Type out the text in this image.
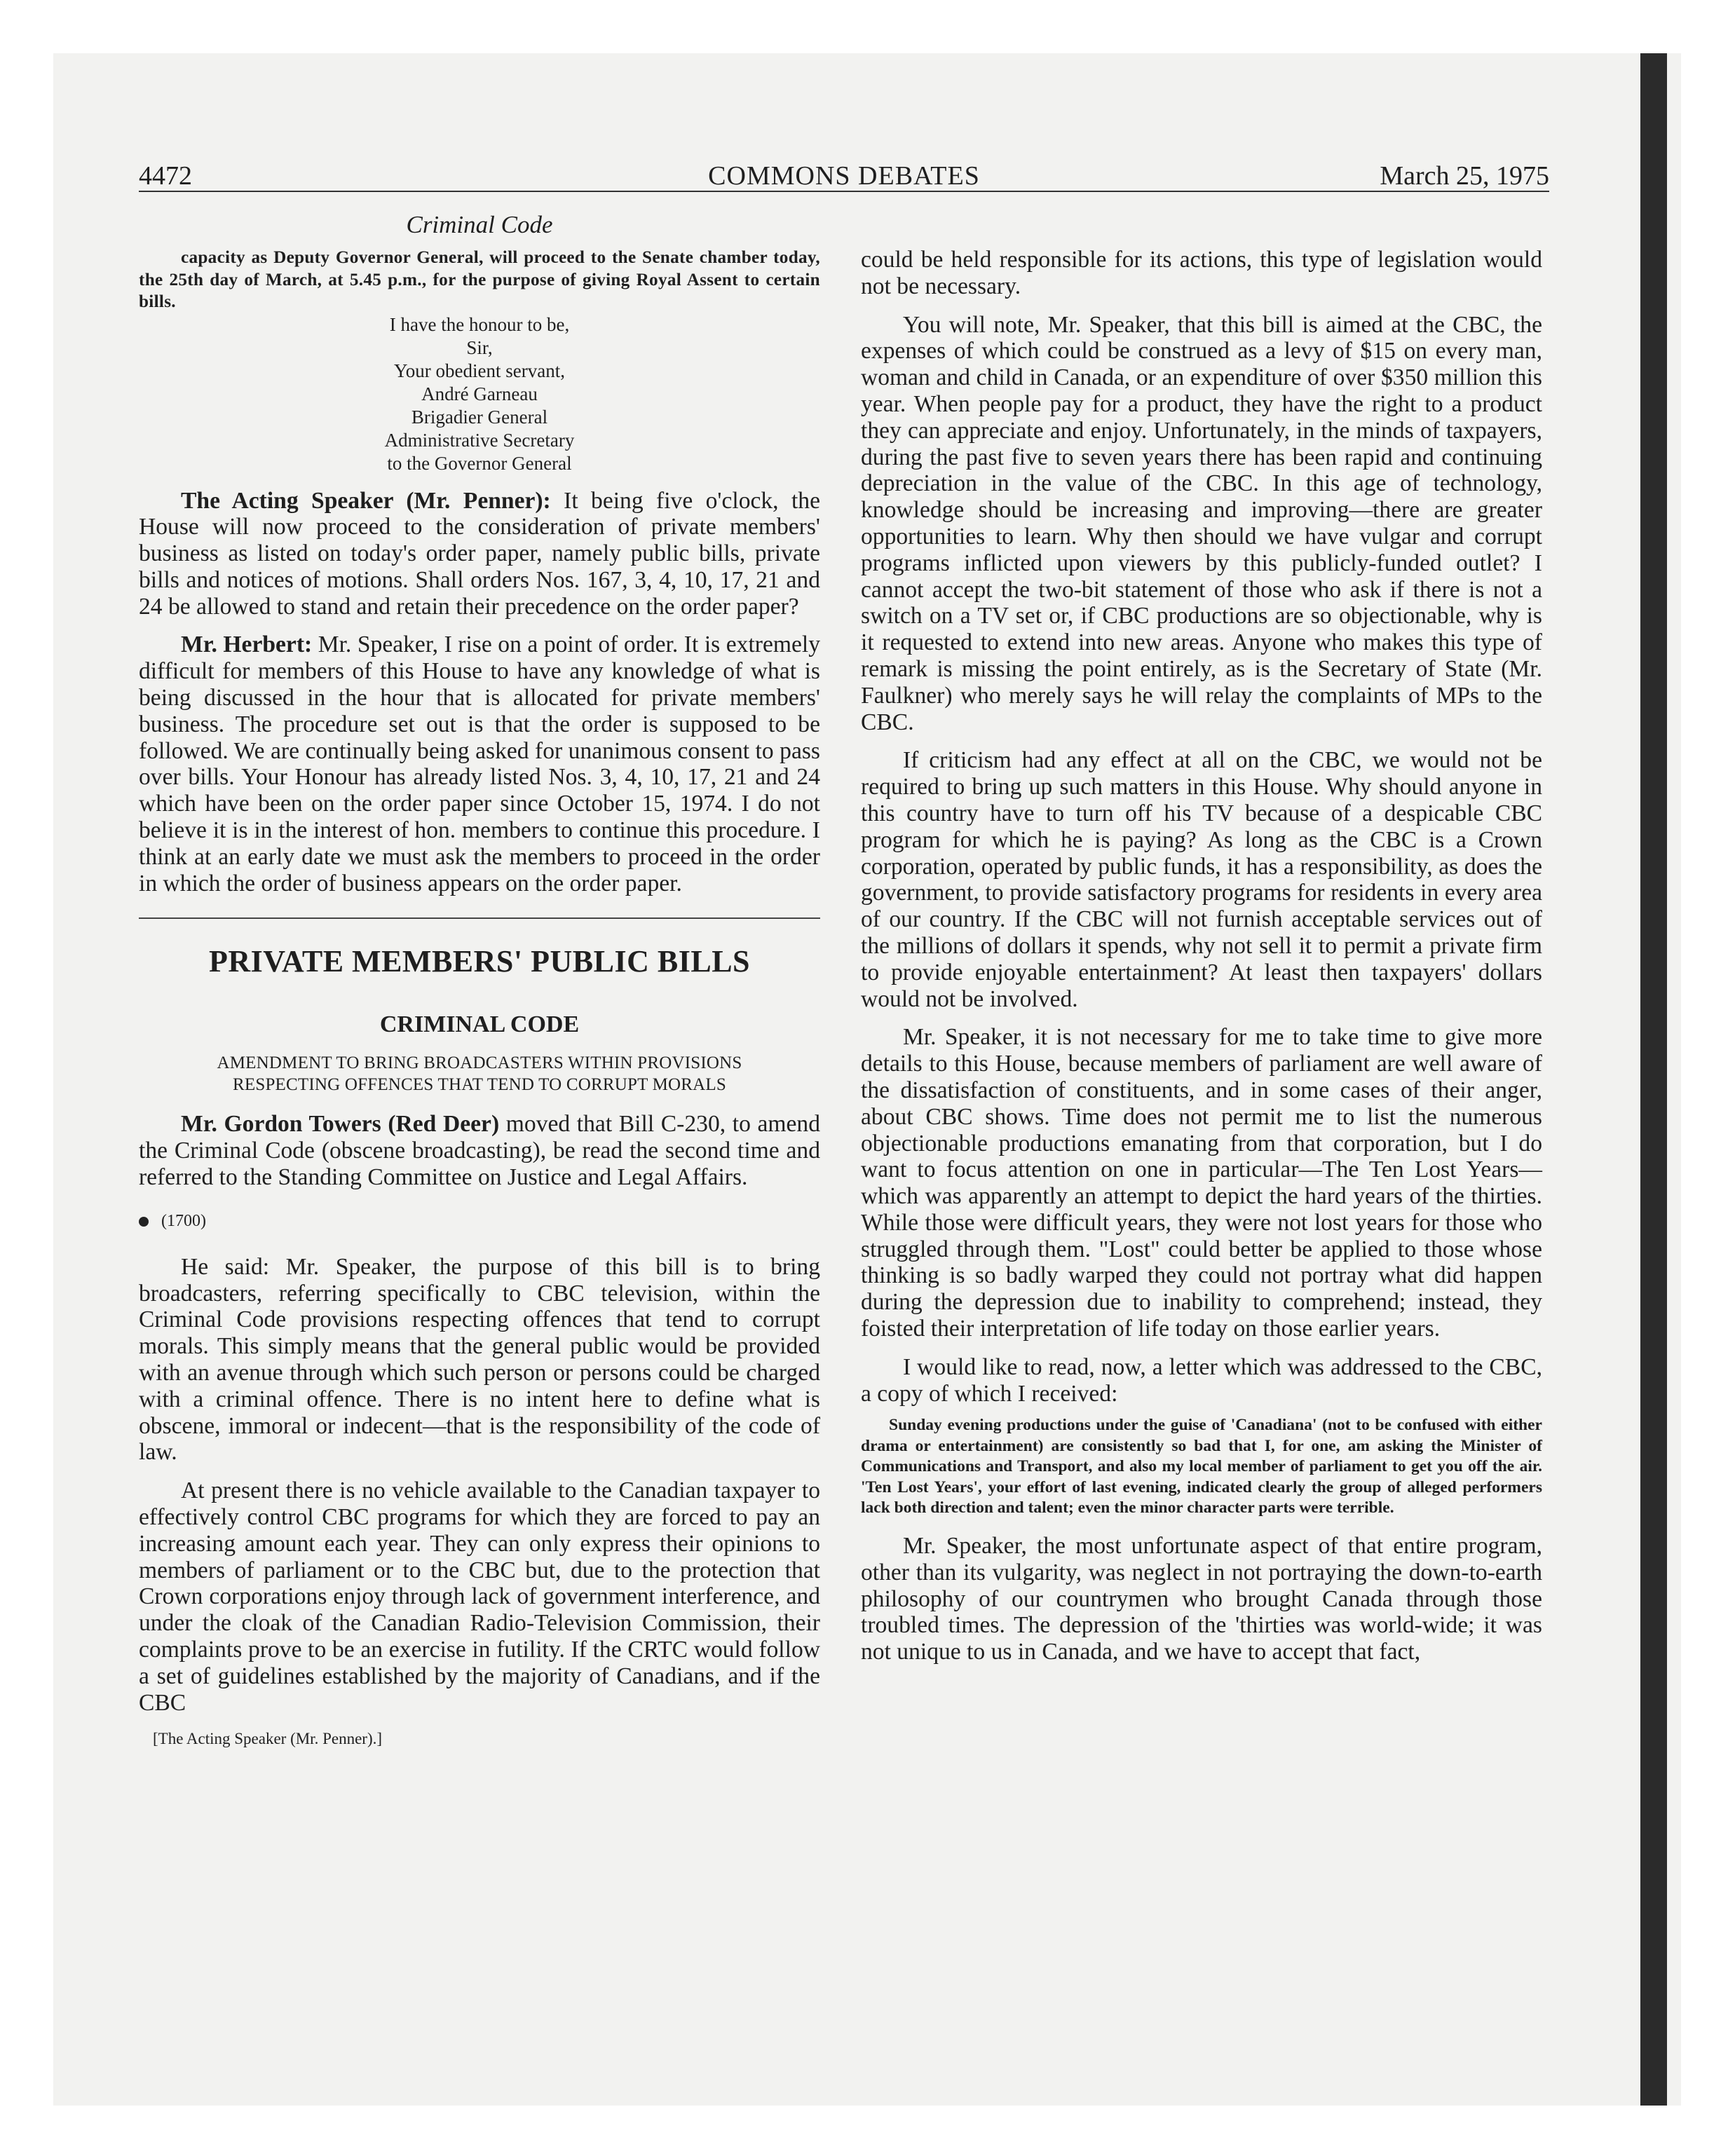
4472	COMMONS DEBATES	March 25, 1975
Criminal Code

capacity as Deputy Governor General, will proceed to the Senate chamber today, the 25th day of March, at 5.45 p.m., for the purpose of giving Royal Assent to certain bills.

I have the honour to be,
Sir,
Your obedient servant,
André Garneau
Brigadier General
Administrative Secretary
to the Governor General

The Acting Speaker (Mr. Penner): It being five o'clock, the House will now proceed to the consideration of private members' business as listed on today's order paper, namely public bills, private bills and notices of motions. Shall orders Nos. 167, 3, 4, 10, 17, 21 and 24 be allowed to stand and retain their precedence on the order paper?

Mr. Herbert: Mr. Speaker, I rise on a point of order. It is extremely difficult for members of this House to have any knowledge of what is being discussed in the hour that is allocated for private members' business. The procedure set out is that the order is supposed to be followed. We are continually being asked for unanimous consent to pass over bills. Your Honour has already listed Nos. 3, 4, 10, 17, 21 and 24 which have been on the order paper since October 15, 1974. I do not believe it is in the interest of hon. members to continue this procedure. I think at an early date we must ask the members to proceed in the order in which the order of business appears on the order paper.

PRIVATE MEMBERS' PUBLIC BILLS
CRIMINAL CODE
AMENDMENT TO BRING BROADCASTERS WITHIN PROVISIONS
RESPECTING OFFENCES THAT TEND TO CORRUPT MORALS

Mr. Gordon Towers (Red Deer) moved that Bill C-230, to amend the Criminal Code (obscene broadcasting), be read the second time and referred to the Standing Committee on Justice and Legal Affairs.

(1700)

He said: Mr. Speaker, the purpose of this bill is to bring broadcasters, referring specifically to CBC television, within the Criminal Code provisions respecting offences that tend to corrupt morals. This simply means that the general public would be provided with an avenue through which such person or persons could be charged with a criminal offence. There is no intent here to define what is obscene, immoral or indecent—that is the responsibility of the code of law.

At present there is no vehicle available to the Canadian taxpayer to effectively control CBC programs for which they are forced to pay an increasing amount each year. They can only express their opinions to members of parliament or to the CBC but, due to the protection that Crown corporations enjoy through lack of government interference, and under the cloak of the Canadian Radio-Television Commission, their complaints prove to be an exercise in futility. If the CRTC would follow a set of guidelines established by the majority of Canadians, and if the CBC

[The Acting Speaker (Mr. Penner).]

could be held responsible for its actions, this type of legislation would not be necessary.

You will note, Mr. Speaker, that this bill is aimed at the CBC, the expenses of which could be construed as a levy of $15 on every man, woman and child in Canada, or an expenditure of over $350 million this year. When people pay for a product, they have the right to a product they can appreciate and enjoy. Unfortunately, in the minds of taxpayers, during the past five to seven years there has been rapid and continuing depreciation in the value of the CBC. In this age of technology, knowledge should be increasing and improving—there are greater opportunities to learn. Why then should we have vulgar and corrupt programs inflicted upon viewers by this publicly-funded outlet? I cannot accept the two-bit statement of those who ask if there is not a switch on a TV set or, if CBC productions are so objectionable, why is it requested to extend into new areas. Anyone who makes this type of remark is missing the point entirely, as is the Secretary of State (Mr. Faulkner) who merely says he will relay the complaints of MPs to the CBC.

If criticism had any effect at all on the CBC, we would not be required to bring up such matters in this House. Why should anyone in this country have to turn off his TV because of a despicable CBC program for which he is paying? As long as the CBC is a Crown corporation, operated by public funds, it has a responsibility, as does the government, to provide satisfactory programs for residents in every area of our country. If the CBC will not furnish acceptable services out of the millions of dollars it spends, why not sell it to permit a private firm to provide enjoyable entertainment? At least then taxpayers' dollars would not be involved.

Mr. Speaker, it is not necessary for me to take time to give more details to this House, because members of parliament are well aware of the dissatisfaction of constituents, and in some cases of their anger, about CBC shows. Time does not permit me to list the numerous objectionable productions emanating from that corporation, but I do want to focus attention on one in particular—The Ten Lost Years—which was apparently an attempt to depict the hard years of the thirties. While those were difficult years, they were not lost years for those who struggled through them. "Lost" could better be applied to those whose thinking is so badly warped they could not portray what did happen during the depression due to inability to comprehend; instead, they foisted their interpretation of life today on those earlier years.

I would like to read, now, a letter which was addressed to the CBC, a copy of which I received:

Sunday evening productions under the guise of 'Canadiana' (not to be confused with either drama or entertainment) are consistently so bad that I, for one, am asking the Minister of Communications and Transport, and also my local member of parliament to get you off the air. 'Ten Lost Years', your effort of last evening, indicated clearly the group of alleged performers lack both direction and talent; even the minor character parts were terrible.

Mr. Speaker, the most unfortunate aspect of that entire program, other than its vulgarity, was neglect in not portraying the down-to-earth philosophy of our countrymen who brought Canada through those troubled times. The depression of the 'thirties was world-wide; it was not unique to us in Canada, and we have to accept that fact,
